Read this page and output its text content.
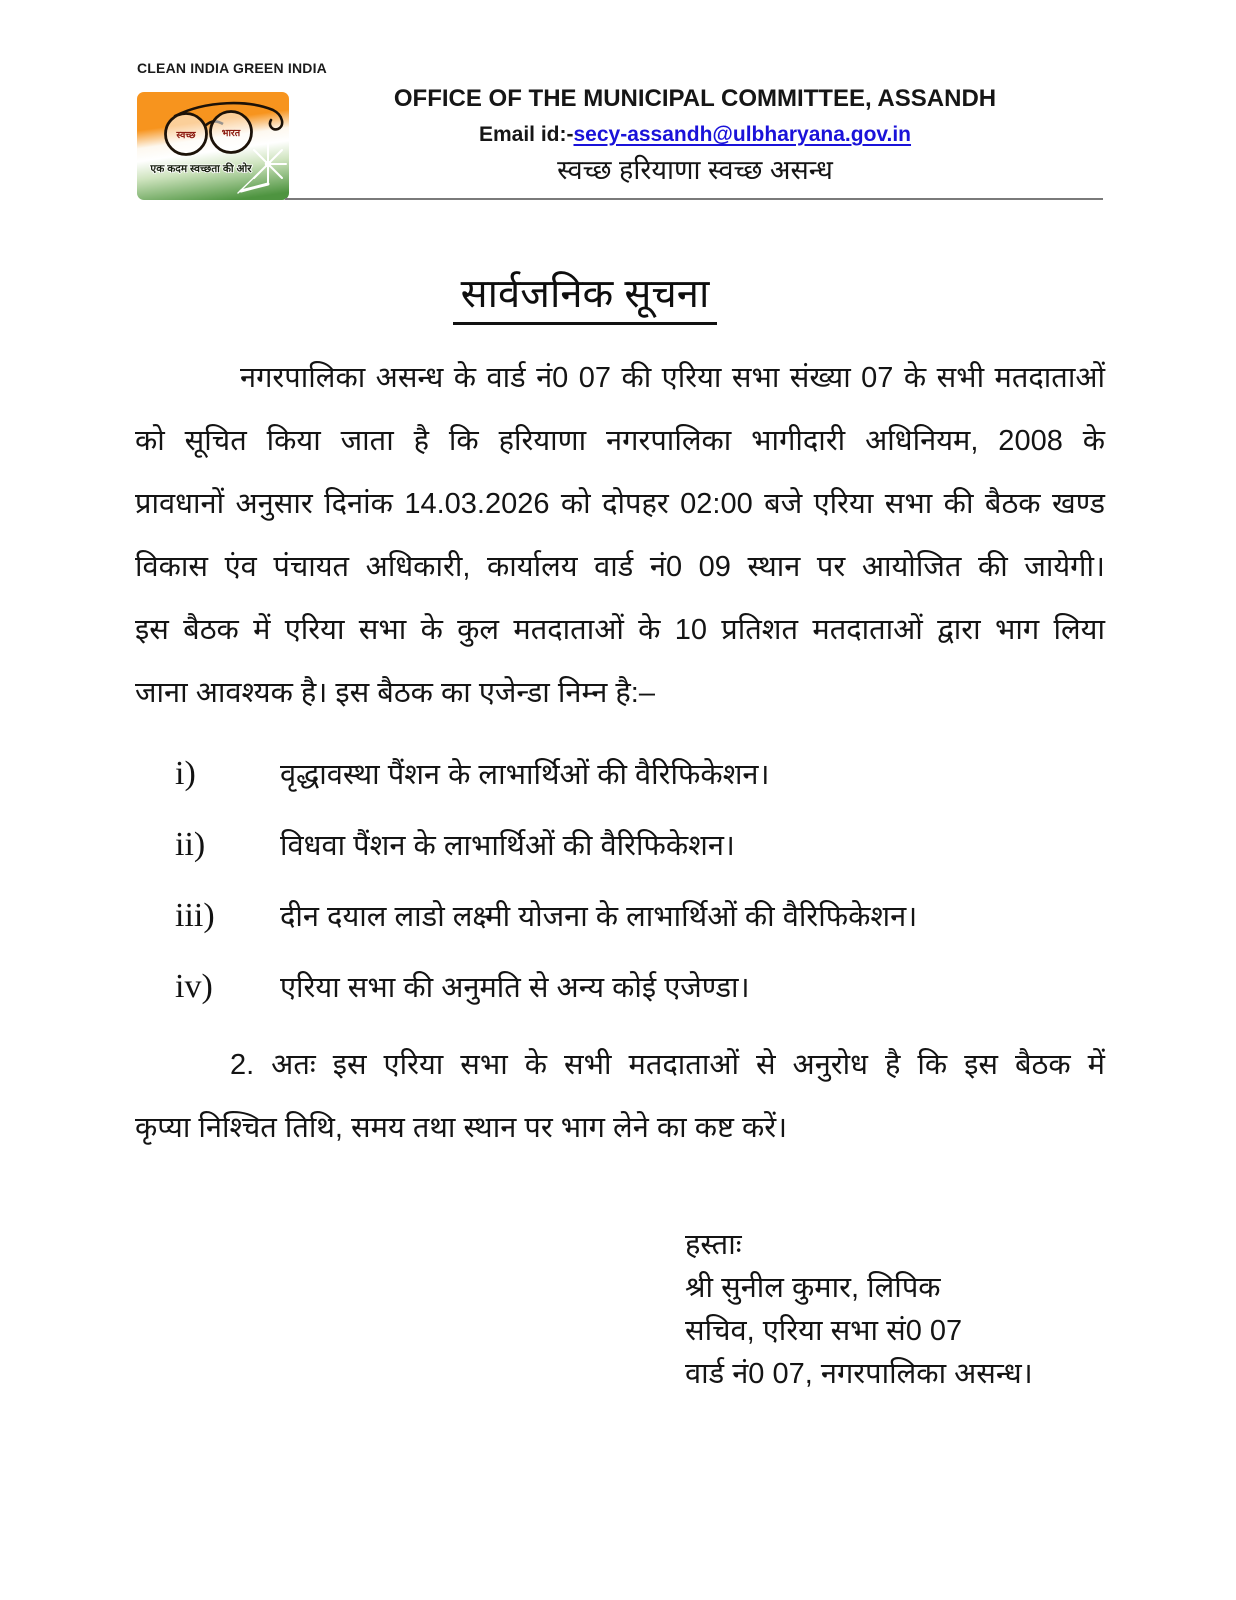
CLEAN INDIA GREEN INDIA
स्वच्छ	भारत
एक कदम स्वच्छता की ओर
OFFICE OF THE MUNICIPAL COMMITTEE, ASSANDH
Email id:-secy-assandh@ulbharyana.gov.in
स्वच्छ हरियाणा स्वच्छ असन्ध
सार्वजनिक सूचना
नगरपालिका असन्ध के वार्ड नं0 07 की एरिया सभा संख्या 07 के सभी मतदाताओं
को सूचित किया जाता है कि हरियाणा नगरपालिका भागीदारी अधिनियम, 2008 के
प्रावधानों अनुसार दिनांक 14.03.2026 को दोपहर 02:00 बजे एरिया सभा की बैठक खण्ड
विकास एंव पंचायत अधिकारी, कार्यालय वार्ड नं0 09 स्थान पर आयोजित की जायेगी।
इस बैठक में एरिया सभा के कुल मतदाताओं के 10 प्रतिशत मतदाताओं द्वारा भाग लिया
जाना आवश्यक है। इस बैठक का एजेन्डा निम्न है:–
i)	वृद्धावस्था पैंशन के लाभार्थिओं की वैरिफिकेशन।
ii)	विधवा पैंशन के लाभार्थिओं की वैरिफिकेशन।
iii)	दीन दयाल लाडो लक्ष्मी योजना के लाभार्थिओं की वैरिफिकेशन।
iv)	एरिया सभा की अनुमति से अन्य कोई एजेण्डा।
2. अतः इस एरिया सभा के सभी मतदाताओं से अनुरोध है कि इस बैठक में
कृप्या निश्चित तिथि, समय तथा स्थान पर भाग लेने का कष्ट करें।
हस्ताः
श्री सुनील कुमार, लिपिक
सचिव, एरिया सभा सं0 07
वार्ड नं0 07, नगरपालिका असन्ध।
